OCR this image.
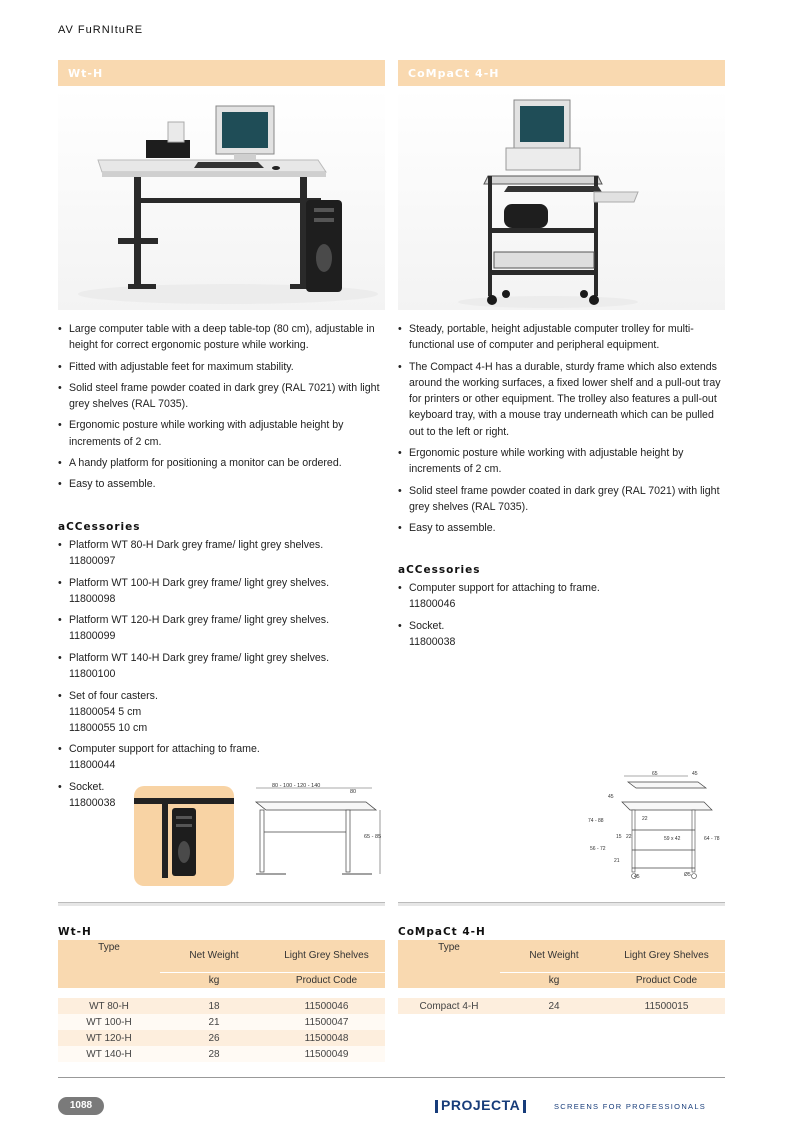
AV FuRNItuRE
Wt-H	CoMpaCt 4-H
• Large computer table with a deep table-top (80 cm), adjustable in height for correct ergonomic posture while working.
• Fitted with adjustable feet for maximum stability.
• Solid steel frame powder coated in dark grey (RAL 7021) with light grey shelves (RAL 7035).
• Ergonomic posture while working with adjustable height by increments of 2 cm.
• A handy platform for positioning a monitor can be ordered.
• Easy to assemble.
• Steady, portable, height adjustable computer trolley for multi-functional use of computer and peripheral equipment.
• The Compact 4-H has a durable, sturdy frame which also extends around the working surfaces, a fixed lower shelf and a pull-out tray for printers or other equipment. The trolley also features a pull-out keyboard tray, with a mouse tray underneath which can be pulled out to the left or right.
• Ergonomic posture while working with adjustable height by increments of 2 cm.
• Solid steel frame powder coated in dark grey (RAL 7021) with light grey shelves (RAL 7035).
• Easy to assemble.
aCCessories
• Platform WT 80-H Dark grey frame/ light grey shelves.
11800097
• Platform WT 100-H Dark grey frame/ light grey shelves.
11800098
• Platform WT 120-H Dark grey frame/ light grey shelves.
11800099
• Platform WT 140-H Dark grey frame/ light grey shelves.
11800100
• Set of four casters.
11800054 5 cm
11800055 10 cm
• Computer support for attaching to frame.
11800044
• Socket.
11800038
aCCessories
• Computer support for attaching to frame.
11800046
• Socket.
11800038
80 - 100 - 120 - 140
80
65 - 85
65	45
45
22
74 - 88
15 22
56 - 72
59 x 42	64 - 78
21
45	Ø5
Wt-H
Type	Net Weight	Light Grey Shelves
	kg	Product Code

WT 80-H	18	11500046
WT 100-H	21	11500047
WT 120-H	26	11500048
WT 140-H	28	11500049
CoMpaCt 4-H
Type	Net Weight	Light Grey Shelves
	kg	Product Code

Compact 4-H	24	11500015
1088	PROJECTA	SCREENS FOR PROFESSIONALS
